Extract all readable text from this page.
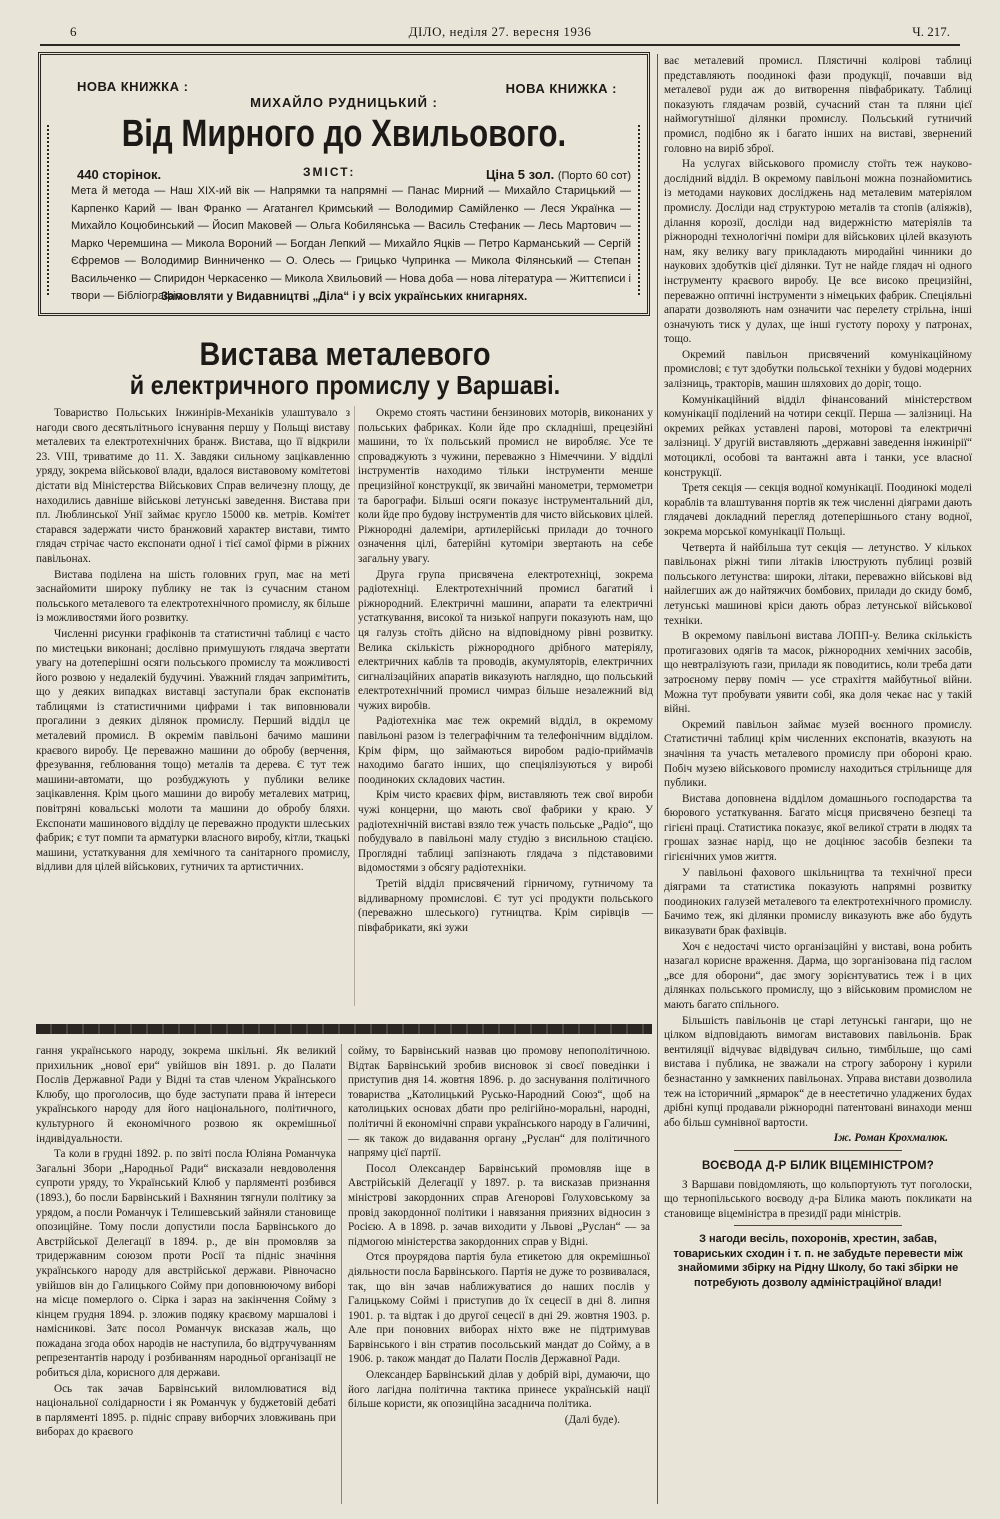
6	ДІЛО, неділя 27. вересня 1936	Ч. 217.
НОВА КНИЖКА :	НОВА КНИЖКА :
МИХАЙЛО РУДНИЦЬКИЙ :
Від Мирного до Хвильового.
440 сторінок.	ЗМІСТ:	Ціна 5 зол. (Порто 60 сот)
Мета й метода — Наш XIX-ий вік — Напрямки та напрямні — Панас Мирний — Михайло Старицький — Карпенко Карий — Іван Франко — Агатангел Кримський — Володимир Самійленко — Леся Українка — Михайло Коцюбинський — Йосип Маковей — Ольга Кобилянська — Василь Стефаник — Лесь Мартович — Марко Черемшина — Микола Вороний — Богдан Лепкий — Михайло Яцків — Петро Карманський — Сергій Єфремов — Володимир Винниченко — О. Олесь — Грицько Чупринка — Микола Філянський — Степан Васильченко — Спиридон Черкасенко — Микола Хвильовий — Нова доба — нова література — Життєписи і твори — Бібліографія.
Замовляти у Видавництві „Діла“ і у всіх українських книгарнях.
Вистава металевого
й електричного промислу у Варшаві.

Товариство Польських Інжинірів-Механіків улаштувало з нагоди свого десятьлітнього існування першу у Польщі виставу металевих та електротехнічних бранж. Вистава, що її відкрили 23. VIII, триватиме до 11. X. Завдяки сильному зацікавленню уряду, зокрема військової влади, вдалося виставовому комітетові дістати від Міністерства Військових Справ величезну площу, де находились давніше військові летунські заведення. Вистава при пл. Люблинської Унії займає кругло 15000 кв. метрів. Комітет старався задержати чисто бранжовий характер вистави, тимто глядач стрічає часто експонати одної і тієї самої фірми в ріжних павільонах.

Вистава поділена на шість головних груп, має на меті заснайомити широку публику не так із сучасним станом польського металевого та електротехнічного промислу, як більше із можливостями його розвитку.

Численні рисунки графіконів та статистичні таблиці є часто по мистецьки виконані; дослівно примушують глядача звертати увагу на дотеперішні осяги польського промислу та можливості його розвою у недалекій будучині. Уважний глядач запримітить, що у деяких випадках виставці заступали брак експонатів таблицями із статистичними цифрами і так виповнювали прогалини з деяких ділянок промислу. Перший відділ це металевий промисл. В окремім павільоні бачимо машини краєвого виробу. Це переважно машини до обробу (верчення, фрезування, геблювання тощо) металів та дерева. Є тут теж машини-автомати, що розбуджують у публики велике зацікавлення. Крім цього машини до виробу металевих матриц, повітряні ковальські молоти та машини до обробу бляхи. Експонати машинового відділу це переважно продукти шлеських фабрик; є тут помпи та арматурки власного виробу, кітли, ткацькі машини, устаткування для хемічного та санітарного промислу, відливи для цілей військових, гутничих та артистичних.

Окремо стоять частини бензинових моторів, виконаних у польських фабриках. Коли йде про складніші, прецезійні машини, то їх польський промисл не виробляє. Усе те спроваджують з чужини, переважно з Німеччини. У відділі інструментів находимо тільки інструменти менше прецизійної конструкції, як звичайні манометри, термометри та барографи. Більші осяги показує інструментальний діл, коли йде про будову інструментів для чисто військових цілей. Ріжнородні далеміри, артилерійські прилади до точного означення цілі, батерійні кутоміри звертають на себе загальну увагу.

Друга група присвячена електротехніці, зокрема радіотехніці. Електротехнічний промисл багатий і ріжнородний. Електричні машини, апарати та електричні устаткування, високої та низької напруги показують нам, що ця галузь стоїть дійсно на відповідному рівні розвитку. Велика скількість ріжнородного дрібного матеріялу, електричних каблів та проводів, акумуляторів, електричних сигналізаційних апаратів виказують наглядно, що польський електротехнічний промисл чимраз більше незалежний від чужих виробів.

Радіотехніка має теж окремий відділ, в окремому павільоні разом із телеграфічним та телефонічним відділом. Крім фірм, що займаються виробом радіо-приймачів находимо багато інших, що спеціялізуються у виробі поодиноких складових частин.

Крім чисто краєвих фірм, виставляють теж свої вироби чужі концерни, що мають свої фабрики у краю. У радіотехнічній виставі взяло теж участь польське „Радіо“, що побудувало в павільоні малу студію з висильною стацією. Проглядні таблиці запізнають глядача з підставовими відомостями з обсягу радіотехніки.

Третій відділ присвячений гірничому, гутничому та відливарному промислові. Є тут усі продукти польського (переважно шлеського) гутництва. Крім сирівців — півфабрикати, які зужи

ває металевий промисл. Плястичні колірові таблиці представляють поодинокі фази продукції, почавши від металевої руди аж до витворення півфабрикату. Таблиці показують глядачам розвій, сучасний стан та пляни цієї наймогутнішої ділянки промислу. Польський гутничий промисл, подібно як і багато інших на виставі, звернений головно на виріб зброї.

На услугах військового промислу стоїть теж науково-дослідний відділ. В окремому павільоні можна познайомитись із методами наукових досліджень над металевим матеріялом промислу. Досліди над структурою металів та стопів (аліяжів), ділання корозії, досліди над видержністю матеріялів та ріжнородні технологічні поміри для військових цілей вказують нам, яку велику вагу прикладають миродайні чинники до наукових здобутків цієї ділянки. Тут не найде глядач ні одного інструменту краєвого виробу. Це все високо прецизійні, переважно оптичні інструменти з німецьких фабрик. Спеціяльні апарати дозволяють нам означити час перелету стрільна, інші означують тиск у дулах, ще інші густоту пороху у патронах, тощо.

Окремий павільон присвячений комунікаційному промислові; є тут здобутки польської техніки у будові модерних залізниць, тракторів, машин шляхових до доріг, тощо.

Комунікаційний відділ фінансований міністерством комунікації поділений на чотири секції. Перша — залізниці. На окремих рейках уставлені парові, моторові та електричні залізниці. У другій виставляють „державні заведення інжинірії“ мотоциклі, особові та вантажні авта і танки, усе власної конструкції.

Третя секція — секція водної комунікації. Поодинокі моделі кораблів та влаштування портів як теж численні діяграми дають глядачеві докладний перегляд дотеперішнього стану водної, зокрема морської комунікації Польщі.

Четверта й найбільша тут секція — летунство. У кількох павільонах ріжні типи літаків ілюструють публиці розвій польського летунства: широки, літаки, переважно військові від найлегших аж до найтяжчих бомбових, прилади до скиду бомб, летунські машинові кріси дають образ летунської військової техніки.

В окремому павільоні вистава ЛОПП-у. Велика скількість протигазових одягів та масок, ріжнородних хемічних засобів, що невтралізують гази, прилади як поводитись, коли треба дати затроєному перву поміч — усе страхіття майбутньої війни. Можна тут пробувати уявити собі, яка доля чекає нас у такій війні.

Окремий павільон займає музей воєнного промислу. Статистичні таблиці крім численних експонатів, вказують на значіння та участь металевого промислу при обороні краю. Побіч музею військового промислу находиться стрільнище для публики.

Вистава доповнена відділом домашнього господарства та бюрового устаткування. Багато місця присвячено безпеці та гігієні праці. Статистика показує, якої великої страти в людях та грошах зазнає нарід, що не доцінює засобів безпеки та гігієнічних умов життя.

У павільоні фахового шкільництва та технічної преси діяграми та статистика показують напрямні розвитку поодиноких галузей металевого та електротехнічного промислу. Бачимо теж, які ділянки промислу виказують вже або будуть виказувати брак фахівців.

Хоч є недостачі чисто організаційні у виставі, вона робить назагал корисне враження. Дарма, що зорганізована під гаслом „все для оборони“, дає змогу зорієнтуватись теж і в цих ділянках польського промислу, що з військовим промислом не мають багато спільного.

Більшість павільонів це старі летунські гангари, що не цілком відповідають вимогам виставових павільонів. Брак вентиляції відчуває відвідувач сильно, тимбільше, що самі вистава і публика, не зважали на строгу заборону і курили безнастанно у замкнених павільонах. Управа вистави дозволила теж на історичний „ярмарок“ де в неестетично уладжених будах дрібні купці продавали ріжнородні патентовані винаходи менш або більш сумнівної вартости.

Іж. Роман Крохмалюк.
ВОЄВОДА Д-Р БІЛИК ВІЦЕМІНІСТРОМ?

З Варшави повідомляють, що кольпортують тут поголоски, що тернопільського воєводу д-ра Білика мають покликати на становище віцеміністра в президії ради міністрів.

З нагоди весіль, похоронів, хрестин, забав, товариських сходин і т. п. не забудьте перевести між знайомими збірку на Рідну Школу, бо такі збірки не потребують дозволу адміністраційної влади!

гання українського народу, зокрема шкільні. Як великий прихильник „нової ери“ увійшов він 1891. р. до Палати Послів Державної Ради у Відні та став членом Українського Клюбу, що проголосив, що буде заступати права й інтереси українського народу для його національного, політичного, культурного й економічного розвою як окремішньої індивідуальности.

Та коли в грудні 1892. р. по звіті посла Юліяна Романчука Загальні Збори „Народньої Ради“ висказали невдоволення супроти уряду, то Український Клюб у парляменті розбився (1893.), бо посли Барвінський і Вахнянин тягнули політику за урядом, а посли Романчук і Телишевський зайняли становище опозиційне. Тому посли допустили посла Барвінського до Австрійської Делегації в 1894. р., де він промовляв за тридержавним союзом проти Росії та підніс значіння українського народу для австрійської держави. Рівночасно увійшов він до Галицького Сойму при доповнюючому виборі на місце померлого о. Сірка і зараз на закінчення Сойму з кінцем грудня 1894. р. зложив подяку краєвому маршалові і намісникові. Затє посол Романчук висказав жаль, що пожадана згода обох народів не наступила, бо відтручуванням репрезентантів народу і розбиванням народньої організації не робиться діла, корисного для держави.

Ось так зачав Барвінський виломлюватися від національної солідарности і як Романчук у буджетовій дебаті в парляменті 1895. р. підніс справу виборчих зловживань при виборах до краєвого

сойму, то Барвінський назвав цю промову непополітичною. Відтак Барвінський зробив висновок зі своєї поведінки і приступив дня 14. жовтня 1896. р. до заснування політичного товариства „Католицький Русько-Народний Союз“, щоб на католицьких основах дбати про релігійно-моральні, народні, політичні й економічні справи українського народу в Галичині, — як також до видавання органу „Руслан“ для політичного напряму цієї партії.

Посол Олександер Барвінський промовляв іще в Австрійській Делегації у 1897. р. та висказав признання міністрові закордонних справ Агеноровi Голуховському за провід закордонної політики і навязання приязних відносин з Росією. А в 1898. р. зачав виходити у Львові „Руслан“ — за підмогою міністерства закордонних справ у Відні.

Отся проурядова партія була етикетою для окремішньої діяльности посла Барвінського. Партія не дуже то розвивалася, так, що він зачав наближуватися до наших послів у Галицькому Соймі і приступив до їх сецесії в дні 8. липня 1901. р. та відтак і до другої сецесії в дні 29. жовтня 1903. р. Але при поновних виборах ніхто вже не підтримував Барвінського і він стратив посольський мандат до Сойму, а в 1906. р. також мандат до Палати Послів Державної Ради.

Олександер Барвінський ділав у добрій вірі, думаючи, що його лагідна політична тактика принесе українській нації більше користи, як опозиційна засаднича політика.

(Далі буде).
